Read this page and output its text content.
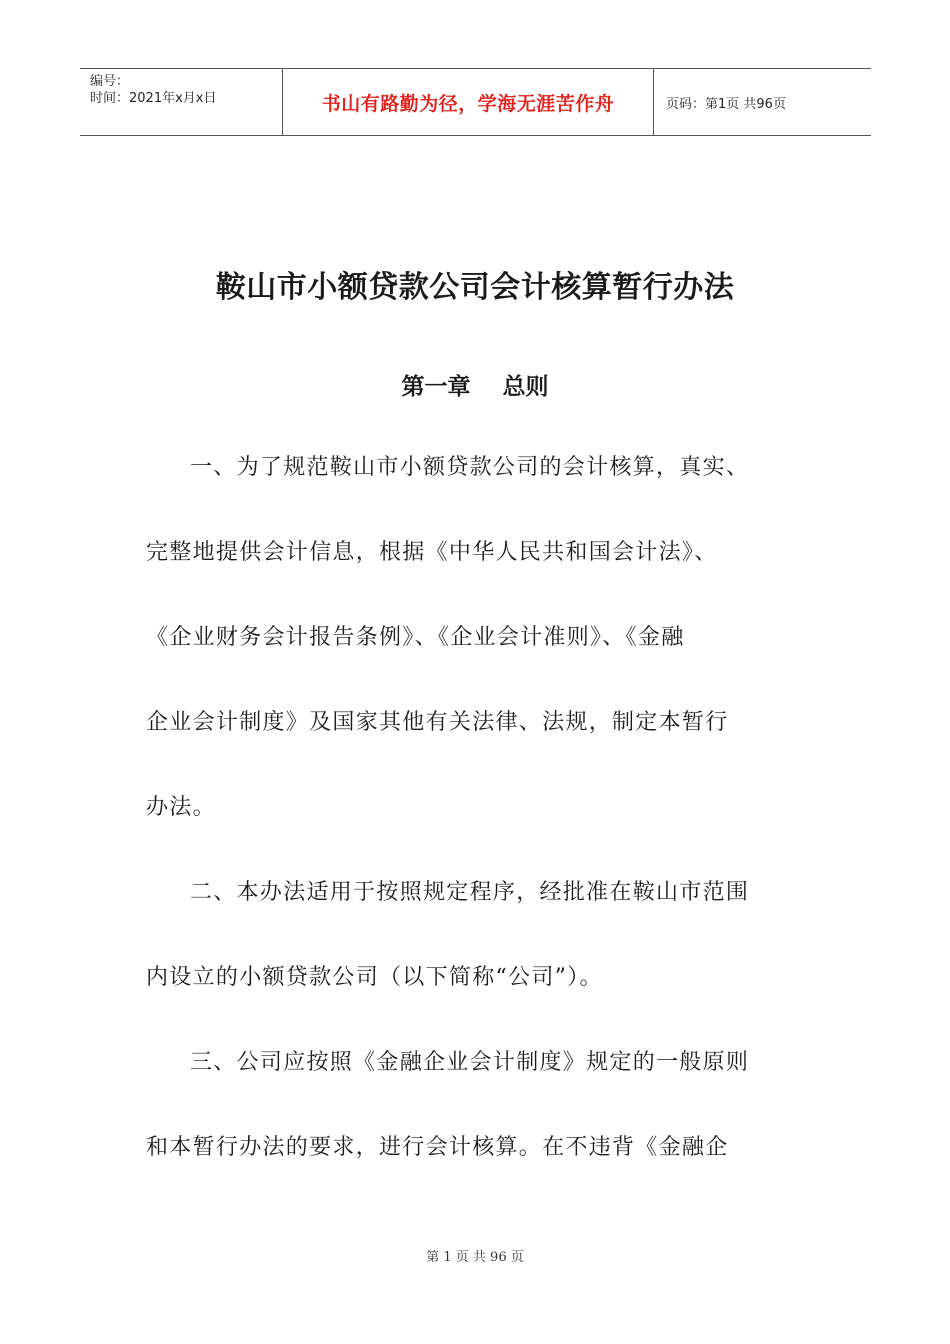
编号：
时间：2021年x月x日	书山有路勤为径，学海无涯苦作舟	页码：第1页 共96页
鞍山市小额贷款公司会计核算暂行办法
第一章    总则
一、为了规范鞍山市小额贷款公司的会计核算，真实、
完整地提供会计信息，根据《中华人民共和国会计法》、
《企业财务会计报告条例》、《企业会计准则》、《金融
企业会计制度》及国家其他有关法律、法规，制定本暂行
办法。
二、本办法适用于按照规定程序，经批准在鞍山市范围
内设立的小额贷款公司（以下简称“公司”）。
三、公司应按照《金融企业会计制度》规定的一般原则
和本暂行办法的要求，进行会计核算。在不违背《金融企
第 1 页 共 96 页
